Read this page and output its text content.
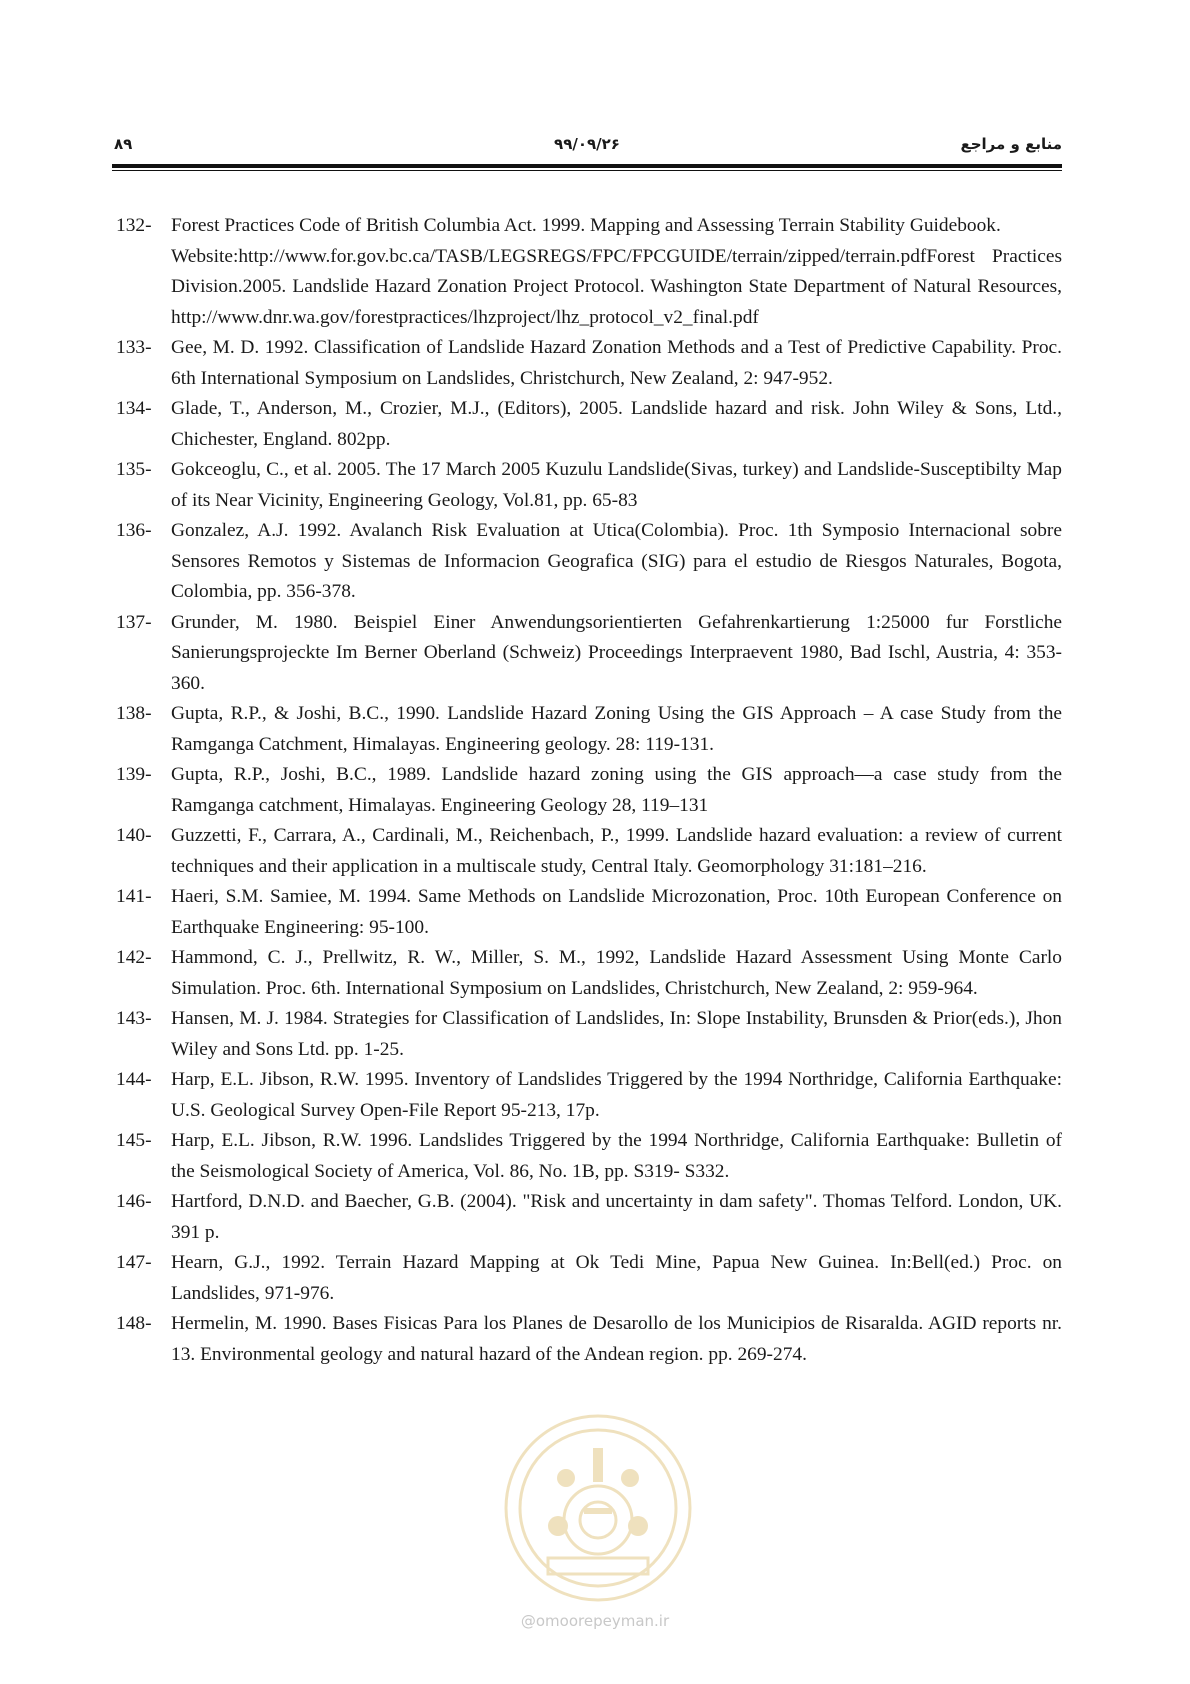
۸۹	۹۹/۰۹/۲۶	منابع و مراجع
132- Forest Practices Code of British Columbia Act. 1999. Mapping and Assessing Terrain Stability Guidebook.
Website:http://www.for.gov.bc.ca/TASB/LEGSREGS/FPC/FPCGUIDE/terrain/zipped/terrain.pdfForest Practices Division.2005. Landslide Hazard Zonation Project Protocol. Washington State Department of Natural Resources,
http://www.dnr.wa.gov/forestpractices/lhzproject/lhz_protocol_v2_final.pdf
133- Gee, M. D. 1992. Classification of Landslide Hazard Zonation Methods and a Test of Predictive Capability. Proc. 6th International Symposium on Landslides, Christchurch, New Zealand, 2: 947-952.
134- Glade, T., Anderson, M., Crozier, M.J., (Editors), 2005. Landslide hazard and risk. John Wiley & Sons, Ltd., Chichester, England. 802pp.
135- Gokceoglu, C., et al. 2005. The 17 March 2005 Kuzulu Landslide(Sivas, turkey) and Landslide-Susceptibilty Map of its Near Vicinity, Engineering Geology, Vol.81, pp. 65-83
136- Gonzalez, A.J. 1992. Avalanch Risk Evaluation at Utica(Colombia). Proc. 1th Symposio Internacional sobre Sensores Remotos y Sistemas de Informacion Geografica (SIG) para el estudio de Riesgos Naturales, Bogota, Colombia, pp. 356-378.
137- Grunder, M. 1980. Beispiel Einer Anwendungsorientierten Gefahrenkartierung 1:25000 fur Forstliche Sanierungsprojeckte Im Berner Oberland (Schweiz) Proceedings Interpraevent 1980, Bad Ischl, Austria, 4: 353-360.
138- Gupta, R.P., & Joshi, B.C., 1990. Landslide Hazard Zoning Using the GIS Approach – A case Study from the Ramganga Catchment, Himalayas. Engineering geology. 28: 119-131.
139- Gupta, R.P., Joshi, B.C., 1989. Landslide hazard zoning using the GIS approach—a case study from the Ramganga catchment, Himalayas. Engineering Geology 28, 119–131
140- Guzzetti, F., Carrara, A., Cardinali, M., Reichenbach, P., 1999. Landslide hazard evaluation: a review of current techniques and their application in a multiscale study, Central Italy. Geomorphology 31:181–216.
141- Haeri, S.M. Samiee, M. 1994. Same Methods on Landslide Microzonation, Proc. 10th European Conference on Earthquake Engineering: 95-100.
142- Hammond, C. J., Prellwitz, R. W., Miller, S. M., 1992, Landslide Hazard Assessment Using Monte Carlo Simulation. Proc. 6th. International Symposium on Landslides, Christchurch, New Zealand, 2: 959-964.
143- Hansen, M. J. 1984. Strategies for Classification of Landslides, In: Slope Instability, Brunsden & Prior(eds.), Jhon Wiley and Sons Ltd. pp. 1-25.
144- Harp, E.L. Jibson, R.W. 1995. Inventory of Landslides Triggered by the 1994 Northridge, California Earthquake: U.S. Geological Survey Open-File Report 95-213, 17p.
145- Harp, E.L. Jibson, R.W. 1996. Landslides Triggered by the 1994 Northridge, California Earthquake: Bulletin of the Seismological Society of America, Vol. 86, No. 1B, pp. S319- S332.
146- Hartford, D.N.D. and Baecher, G.B. (2004). "Risk and uncertainty in dam safety". Thomas Telford. London, UK. 391 p.
147- Hearn, G.J., 1992. Terrain Hazard Mapping at Ok Tedi Mine, Papua New Guinea. In:Bell(ed.) Proc. on Landslides, 971-976.
148- Hermelin, M. 1990. Bases Fisicas Para los Planes de Desarollo de los Municipios de Risaralda. AGID reports nr. 13. Environmental geology and natural hazard of the Andean region. pp. 269-274.
@omoorepeyman.ir
